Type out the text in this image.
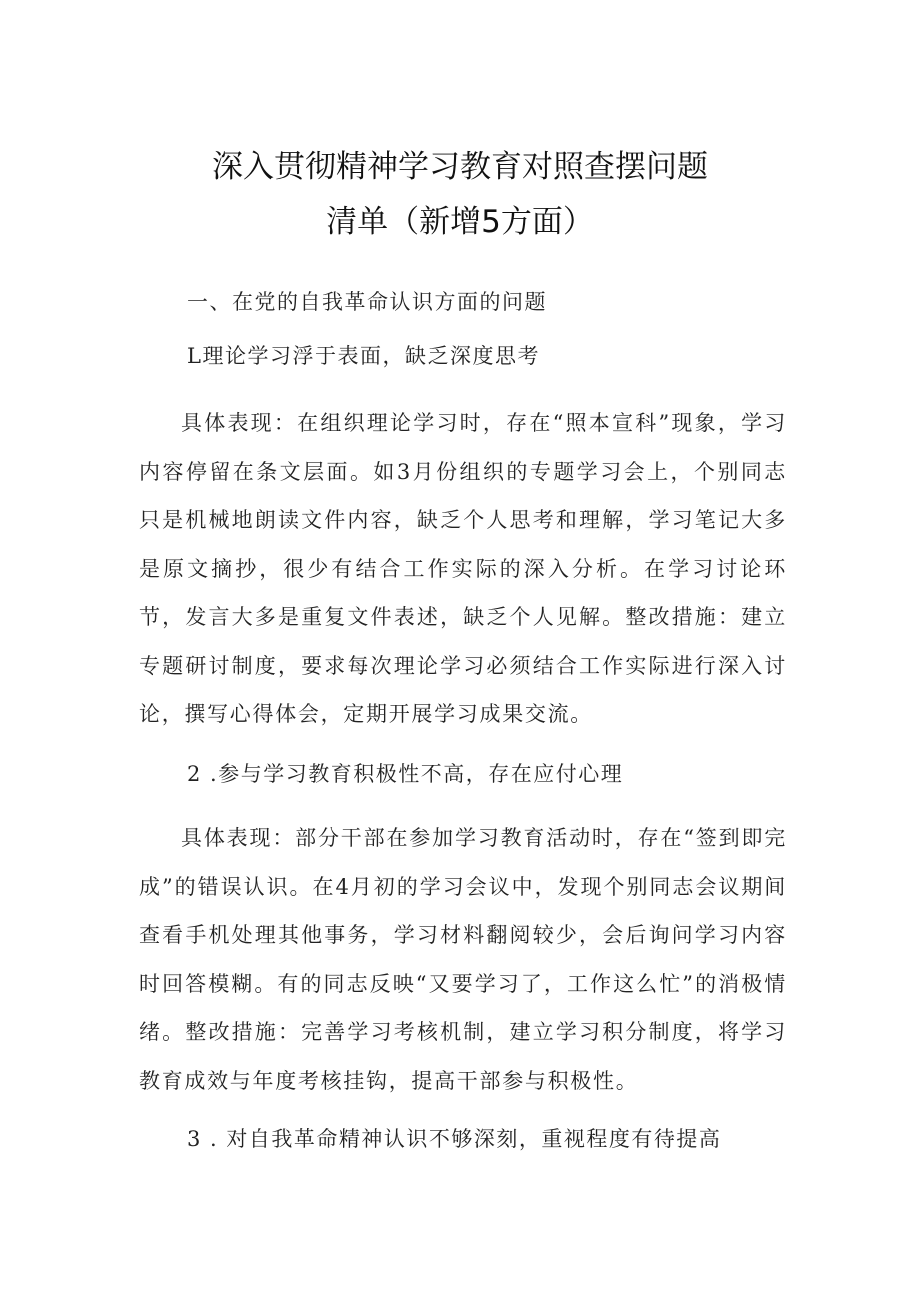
深入贯彻精神学习教育对照查摆问题
清单（新增5方面）
一、在党的自我革命认识方面的问题
L理论学习浮于表面，缺乏深度思考

具体表现：在组织理论学习时，存在“照本宣科”现象，学习内容停留在条文层面。如3月份组织的专题学习会上，个别同志只是机械地朗读文件内容，缺乏个人思考和理解，学习笔记大多是原文摘抄，很少有结合工作实际的深入分析。在学习讨论环节，发言大多是重复文件表述，缺乏个人见解。整改措施：建立专题研讨制度，要求每次理论学习必须结合工作实际进行深入讨论，撰写心得体会，定期开展学习成果交流。

2 .参与学习教育积极性不高，存在应付心理

具体表现：部分干部在参加学习教育活动时，存在“签到即完成”的错误认识。在4月初的学习会议中，发现个别同志会议期间查看手机处理其他事务，学习材料翻阅较少，会后询问学习内容时回答模糊。有的同志反映“又要学习了，工作这么忙”的消极情绪。整改措施：完善学习考核机制，建立学习积分制度，将学习教育成效与年度考核挂钩，提高干部参与积极性。

3 . 对自我革命精神认识不够深刻，重视程度有待提高
